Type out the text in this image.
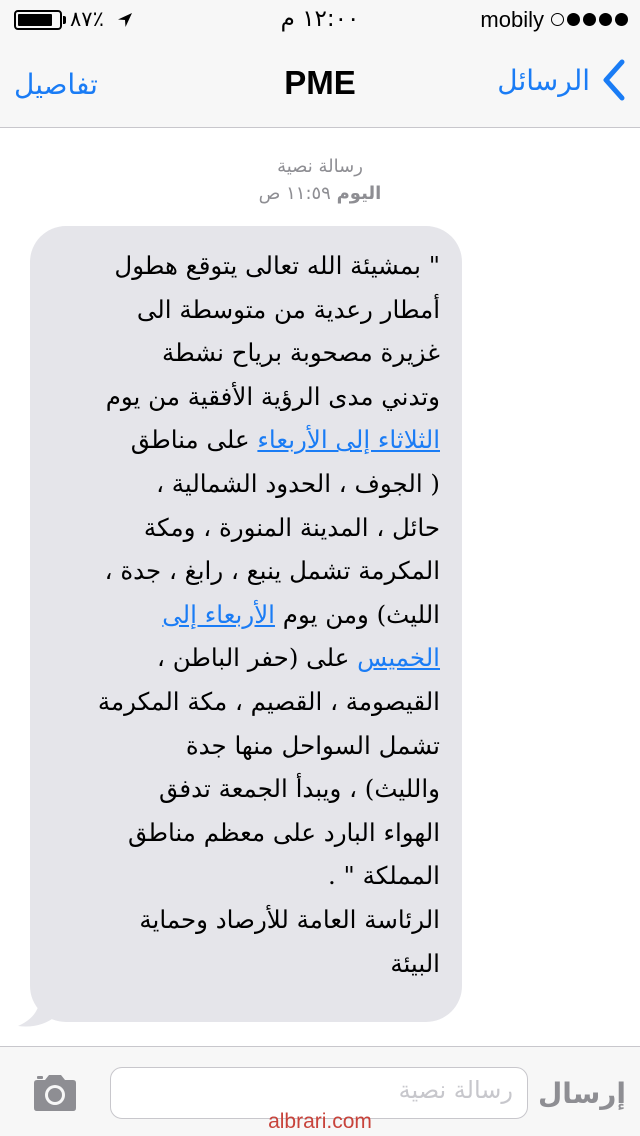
٪٨٧	١٢:٠٠ م	mobily
تفاصيل	PME	الرسائل
رسالة نصية
اليوم ١١:٥٩ ص
" بمشيئة الله تعالى يتوقع هطول
أمطار رعدية من متوسطة الى
غزيرة مصحوبة برياح نشطة
وتدني مدى الرؤية الأفقية من يوم
الثلاثاء إلى الأربعاء على مناطق
( الجوف ، الحدود الشمالية ،
حائل ، المدينة المنورة ، ومكة
المكرمة تشمل ينبع ، رابغ ، جدة ،
الليث) ومن يوم الأربعاء إلى
الخميس على (حفر الباطن ،
القيصومة ، القصيم ، مكة المكرمة
تشمل السواحل منها جدة
والليث) ، ويبدأ الجمعة تدفق
الهواء البارد على معظم مناطق
المملكة " .
الرئاسة العامة للأرصاد وحماية
البيئة
رسالة نصية إرسال
albrari.com
